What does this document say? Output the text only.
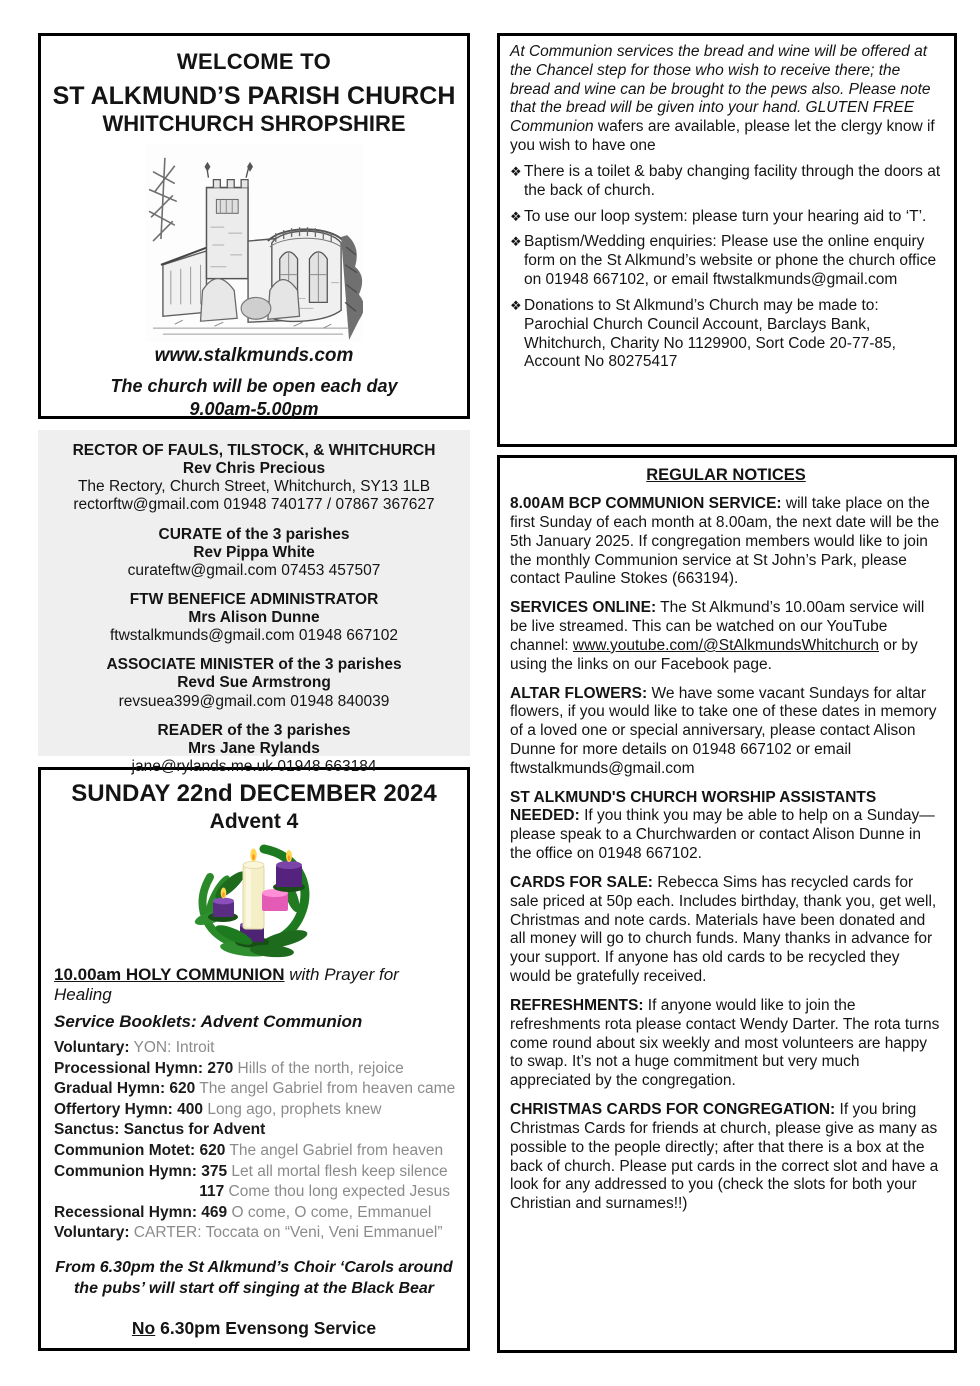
WELCOME TO
ST ALKMUND’S PARISH CHURCH
WHITCHURCH SHROPSHIRE
www.stalkmunds.com
The church will be open each day
9.00am-5.00pm
RECTOR OF FAULS, TILSTOCK, & WHITCHURCH
Rev Chris Precious
The Rectory, Church Street, Whitchurch, SY13 1LB
rectorftw@gmail.com 01948 740177 / 07867 367627
CURATE of the 3 parishes
Rev Pippa White
curateftw@gmail.com 07453 457507
FTW BENEFICE ADMINISTRATOR
Mrs Alison Dunne
ftwstalkmunds@gmail.com 01948 667102
ASSOCIATE MINISTER of the 3 parishes
Revd Sue Armstrong
revsuea399@gmail.com 01948 840039
READER of the 3 parishes
Mrs Jane Rylands
jane@rylands.me.uk 01948 663184
SUNDAY 22nd DECEMBER 2024
Advent 4
10.00am HOLY COMMUNION with Prayer for Healing
Service Booklets: Advent Communion
Voluntary: YON: Introit
Processional Hymn: 270 Hills of the north, rejoice
Gradual Hymn: 620 The angel Gabriel from heaven came
Offertory Hymn: 400 Long ago, prophets knew
Sanctus: Sanctus for Advent
Communion Motet: 620 The angel Gabriel from heaven
Communion Hymn: 375 Let all mortal flesh keep silence
117 Come thou long expected Jesus
Recessional Hymn: 469 O come, O come, Emmanuel
Voluntary: CARTER: Toccata on “Veni, Veni Emmanuel”
From 6.30pm the St Alkmund’s Choir ‘Carols around the pubs’ will start off singing at the Black Bear
No 6.30pm Evensong Service
At Communion services the bread and wine will be offered at the Chancel step for those who wish to receive there; the bread and wine can be brought to the pews also. Please note that the bread will be given into your hand. GLUTEN FREE Communion wafers are available, please let the clergy know if you wish to have one
❖ There is a toilet & baby changing facility through the doors at the back of church.
❖ To use our loop system: please turn your hearing aid to ‘T’.
❖ Baptism/Wedding enquiries: Please use the online enquiry form on the St Alkmund’s website or phone the church office on 01948 667102, or email ftwstalkmunds@gmail.com
❖ Donations to St Alkmund’s Church may be made to: Parochial Church Council Account, Barclays Bank, Whitchurch, Charity No 1129900, Sort Code 20-77-85, Account No 80275417
REGULAR NOTICES
8.00AM BCP COMMUNION SERVICE: will take place on the first Sunday of each month at 8.00am, the next date will be the 5th January 2025. If congregation members would like to join the monthly Communion service at St John’s Park, please contact Pauline Stokes (663194).
SERVICES ONLINE: The St Alkmund’s 10.00am service will be live streamed. This can be watched on our YouTube channel: www.youtube.com/@StAlkmundsWhitchurch or by using the links on our Facebook page.
ALTAR FLOWERS: We have some vacant Sundays for altar flowers, if you would like to take one of these dates in memory of a loved one or special anniversary, please contact Alison Dunne for more details on 01948 667102 or email ftwstalkmunds@gmail.com
ST ALKMUND'S CHURCH WORSHIP ASSISTANTS NEEDED: If you think you may be able to help on a Sunday—please speak to a Churchwarden or contact Alison Dunne in the office on 01948 667102.
CARDS FOR SALE: Rebecca Sims has recycled cards for sale priced at 50p each. Includes birthday, thank you, get well, Christmas and note cards. Materials have been donated and all money will go to church funds. Many thanks in advance for your support. If anyone has old cards to be recycled they would be gratefully received.
REFRESHMENTS: If anyone would like to join the refreshments rota please contact Wendy Darter. The rota turns come round about six weekly and most volunteers are happy to swap. It’s not a huge commitment but very much appreciated by the congregation.
CHRISTMAS CARDS FOR CONGREGATION: If you bring Christmas Cards for friends at church, please give as many as possible to the people directly; after that there is a box at the back of church. Please put cards in the correct slot and have a look for any addressed to you (check the slots for both your Christian and surnames!!)
